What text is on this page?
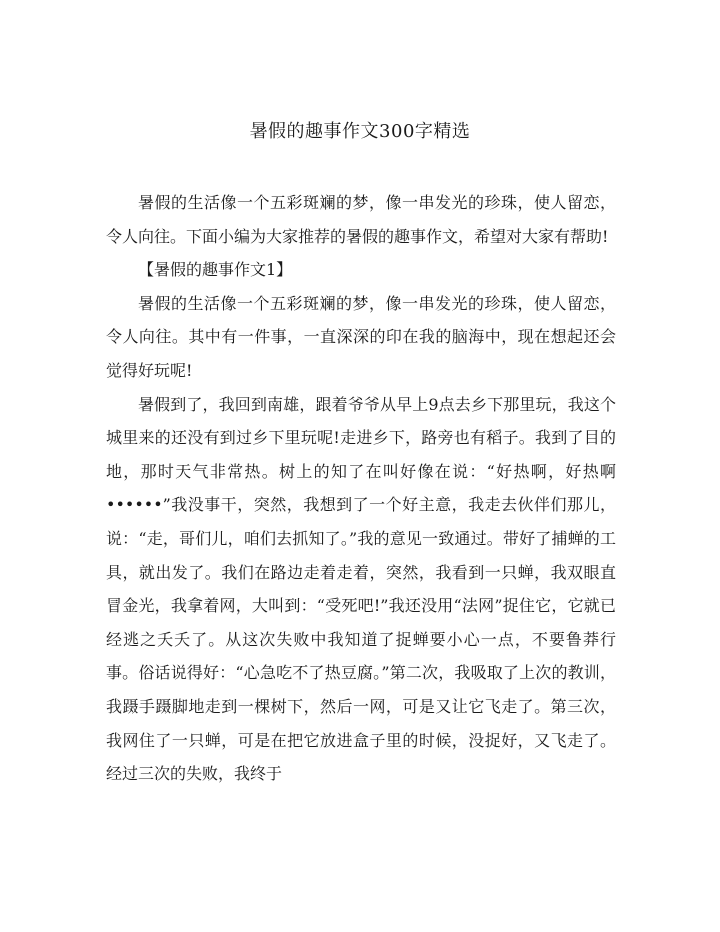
暑假的趣事作文300字精选

暑假的生活像一个五彩斑斓的梦，像一串发光的珍珠，使人留恋，令人向往。下面小编为大家推荐的暑假的趣事作文，希望对大家有帮助!

【暑假的趣事作文1】

暑假的生活像一个五彩斑斓的梦，像一串发光的珍珠，使人留恋，令人向往。其中有一件事，一直深深的印在我的脑海中，现在想起还会觉得好玩呢!

暑假到了，我回到南雄，跟着爷爷从早上9点去乡下那里玩，我这个城里来的还没有到过乡下里玩呢!走进乡下，路旁也有稻子。我到了目的地，那时天气非常热。树上的知了在叫好像在说：“好热啊，好热啊••••••”我没事干，突然，我想到了一个好主意，我走去伙伴们那儿，说：“走，哥们儿，咱们去抓知了。”我的意见一致通过。带好了捕蝉的工具，就出发了。我们在路边走着走着，突然，我看到一只蝉，我双眼直冒金光，我拿着网，大叫到：“受死吧!”我还没用“法网”捉住它，它就已经逃之夭夭了。从这次失败中我知道了捉蝉要小心一点，不要鲁莽行事。俗话说得好：“心急吃不了热豆腐。”第二次，我吸取了上次的教训，我蹑手蹑脚地走到一棵树下，然后一网，可是又让它飞走了。第三次，我网住了一只蝉，可是在把它放进盒子里的时候，没捉好，又飞走了。经过三次的失败，我终于
